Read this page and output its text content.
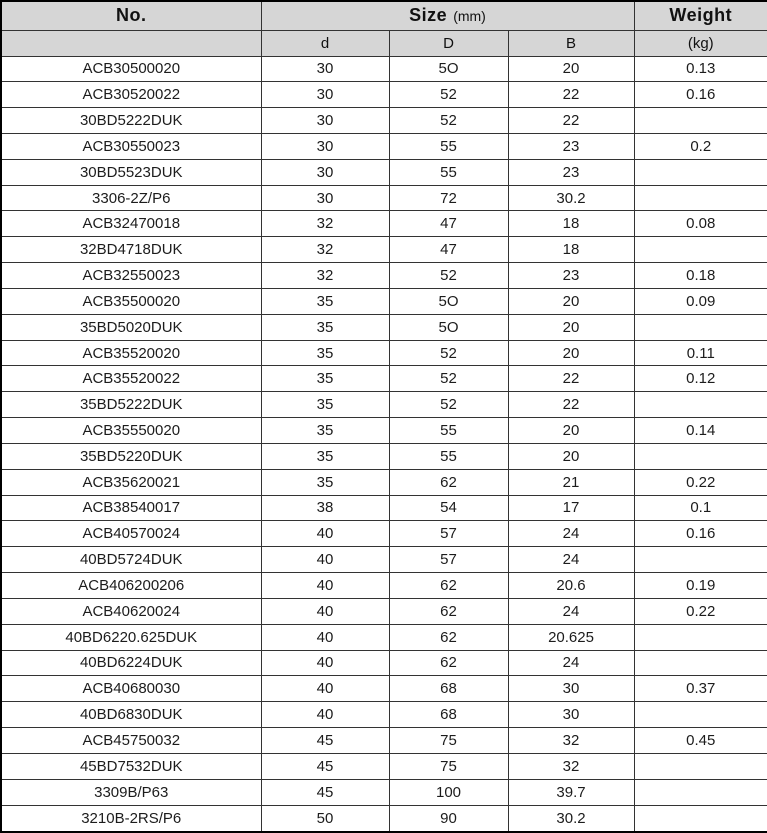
No.	Size (mm)			Weight
	d	D	B	(kg)
ACB30500020	30	5O	20	0.13
ACB30520022	30	52	22	0.16
30BD5222DUK	30	52	22	
ACB30550023	30	55	23	0.2
30BD5523DUK	30	55	23	
3306-2Z/P6	30	72	30.2	
ACB32470018	32	47	18	0.08
32BD4718DUK	32	47	18	
ACB32550023	32	52	23	0.18
ACB35500020	35	5O	20	0.09
35BD5020DUK	35	5O	20	
ACB35520020	35	52	20	0.11
ACB35520022	35	52	22	0.12
35BD5222DUK	35	52	22	
ACB35550020	35	55	20	0.14
35BD5220DUK	35	55	20	
ACB35620021	35	62	21	0.22
ACB38540017	38	54	17	0.1
ACB40570024	40	57	24	0.16
40BD5724DUK	40	57	24	
ACB406200206	40	62	20.6	0.19
ACB40620024	40	62	24	0.22
40BD6220.625DUK	40	62	20.625	
40BD6224DUK	40	62	24	
ACB40680030	40	68	30	0.37
40BD6830DUK	40	68	30	
ACB45750032	45	75	32	0.45
45BD7532DUK	45	75	32	
3309B/P63	45	100	39.7	
3210B-2RS/P6	50	90	30.2	
